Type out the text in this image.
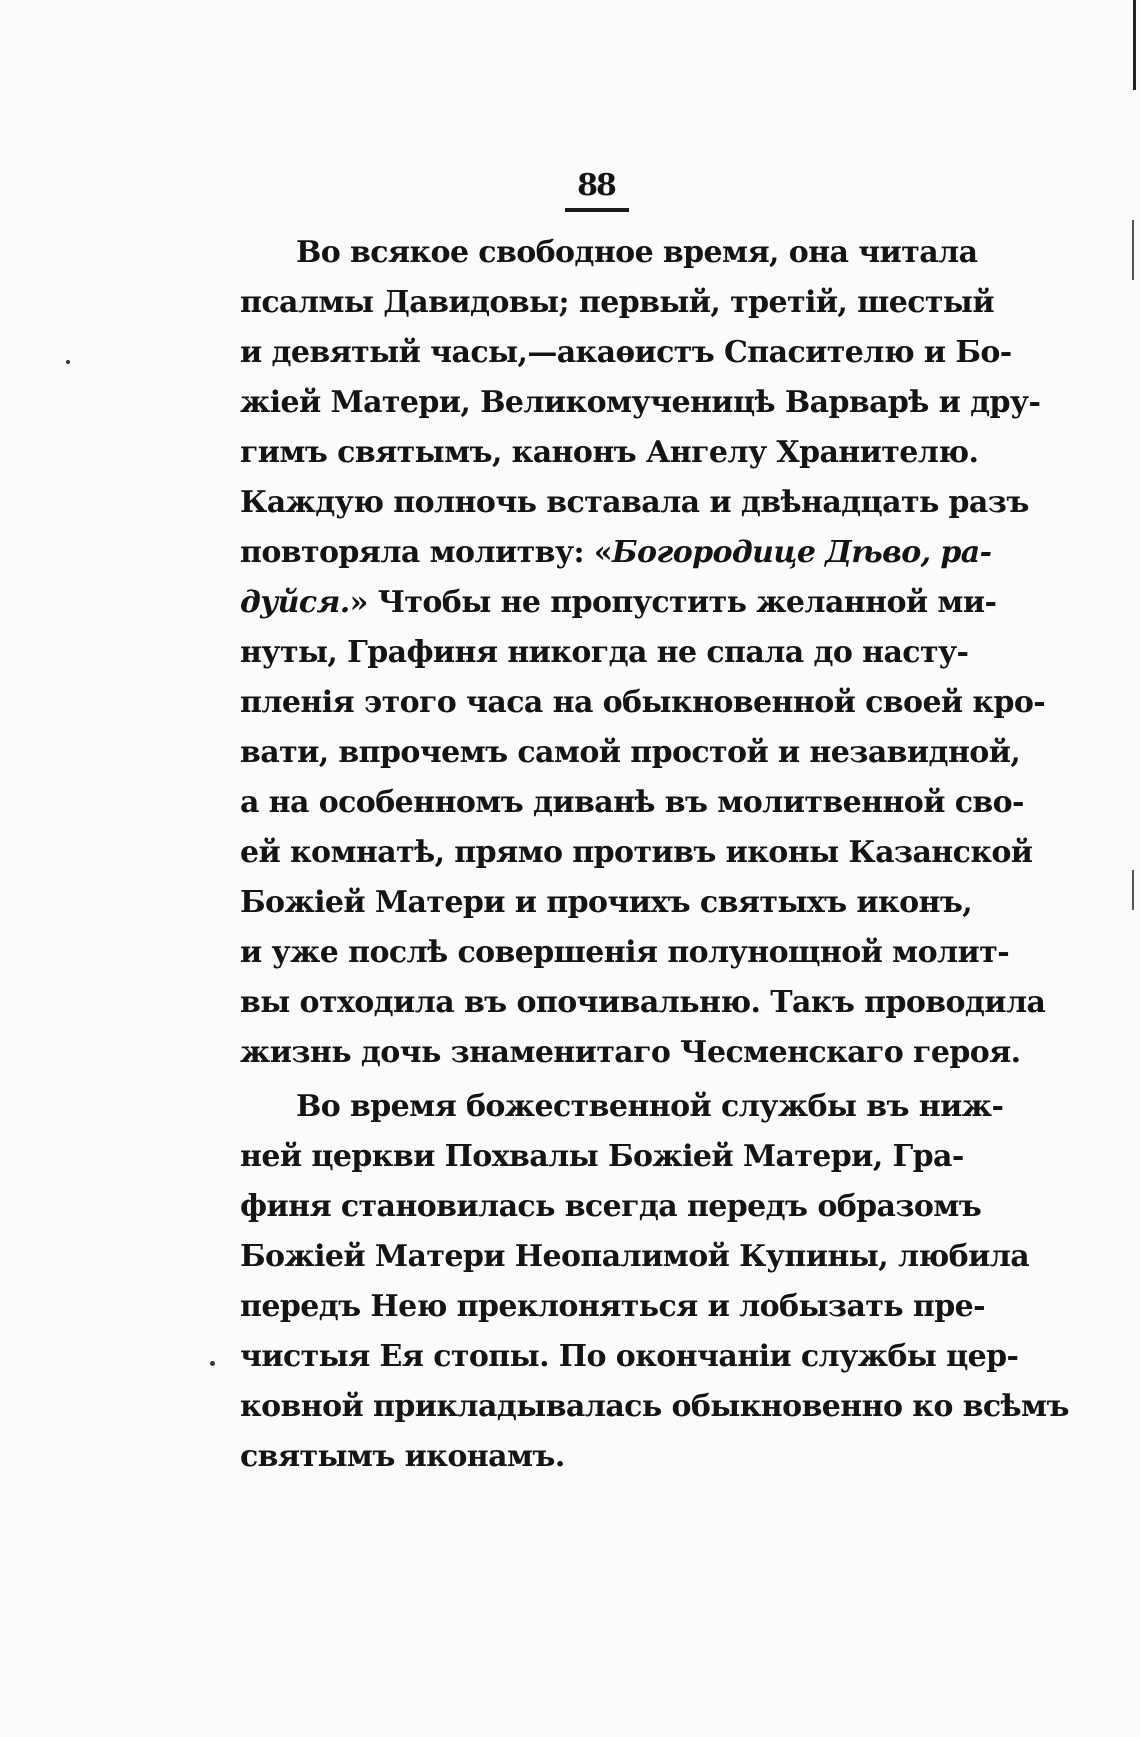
88
Во всякое свободное время, она читала
псалмы Давидовы; первый, третій, шестый
и девятый часы,—акаѳистъ Спасителю и Бо-
жіей Матери, Великомученицѣ Варварѣ и дру-
гимъ святымъ, канонъ Ангелу Хранителю.
Каждую полночь вставала и двѣнадцать разъ
повторяла молитву: «Богородице Дѣво, ра-
дуйся.» Чтобы не пропустить желанной ми-
нуты, Графиня никогда не спала до насту-
пленія этого часа на обыкновенной своей кро-
вати, впрочемъ самой простой и незавидной,
а на особенномъ диванѣ въ молитвенной сво-
ей комнатѣ, прямо противъ иконы Казанской
Божіей Матери и прочихъ святыхъ иконъ,
и уже послѣ совершенія полунощной молит-
вы отходила въ опочивальню. Такъ проводила
жизнь дочь знаменитаго Чесменскаго героя.
Во время божественной службы въ ниж-
ней церкви Похвалы Божіей Матери, Гра-
финя становилась всегда передъ образомъ
Божіей Матери Неопалимой Купины, любила
передъ Нею преклоняться и лобызать пре-
чистыя Ея стопы. По окончаніи службы цер-
ковной прикладывалась обыкновенно ко всѣмъ
святымъ иконамъ.
